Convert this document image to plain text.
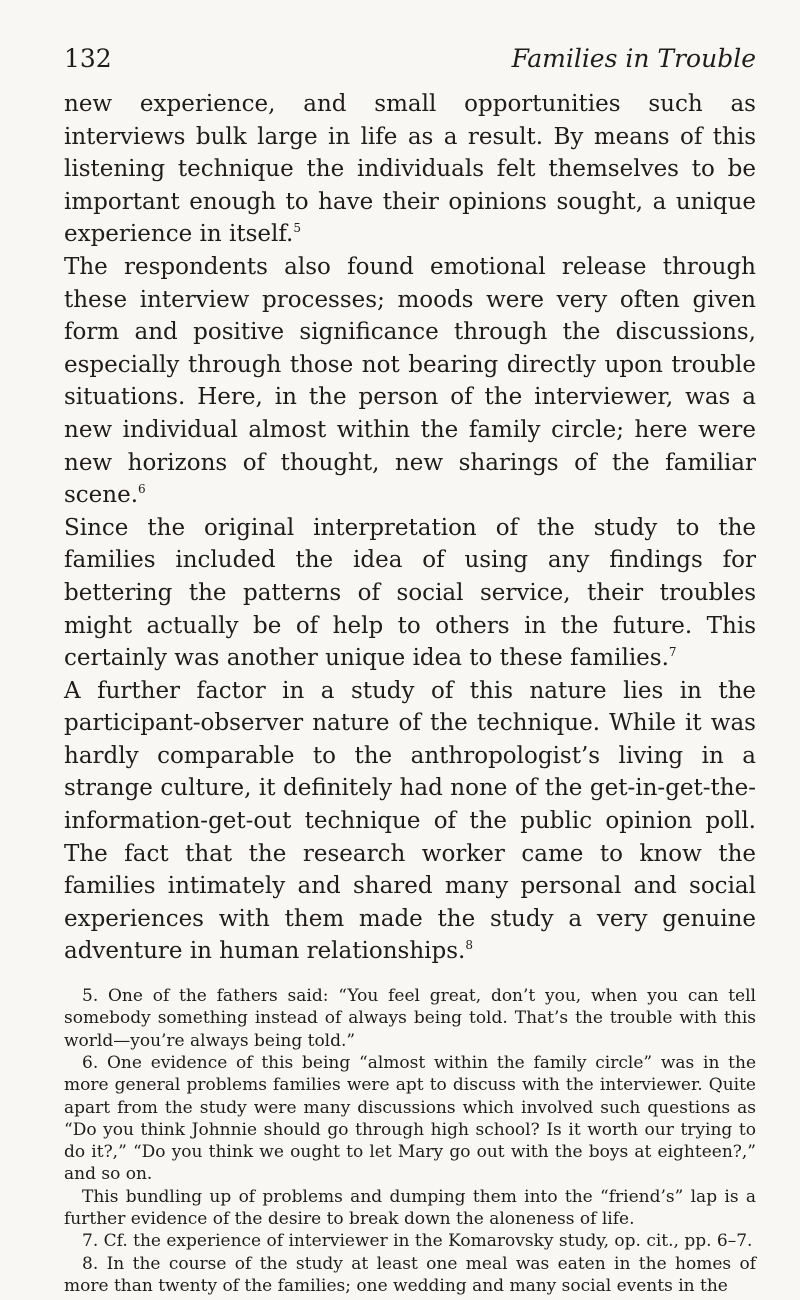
132	Families in Trouble

new experience, and small opportunities such as interviews bulk large in life as a result. By means of this listening technique the individuals felt themselves to be important enough to have their opinions sought, a unique experience in itself.$^5$

The respondents also found emotional release through these interview processes; moods were very often given form and positive significance through the discussions, especially through those not bearing directly upon trouble situations. Here, in the person of the interviewer, was a new individual almost within the family circle; here were new horizons of thought, new sharings of the familiar scene.$^6$

Since the original interpretation of the study to the families included the idea of using any findings for bettering the patterns of social service, their troubles might actually be of help to others in the future. This certainly was another unique idea to these families.$^7$

A further factor in a study of this nature lies in the participant-observer nature of the technique. While it was hardly comparable to the anthropologist’s living in a strange culture, it definitely had none of the get-in-get-the-information-get-out technique of the public opinion poll. The fact that the research worker came to know the families intimately and shared many personal and social experiences with them made the study a very genuine adventure in human relationships.$^8$

5. One of the fathers said: “You feel great, don’t you, when you can tell somebody something instead of always being told. That’s the trouble with this world—you’re always being told.”

6. One evidence of this being “almost within the family circle” was in the more general problems families were apt to discuss with the interviewer. Quite apart from the study were many discussions which involved such questions as “Do you think Johnnie should go through high school? Is it worth our trying to do it?,” “Do you think we ought to let Mary go out with the boys at eighteen?,” and so on.

This bundling up of problems and dumping them into the “friend’s” lap is a further evidence of the desire to break down the aloneness of life.

7. Cf. the experience of interviewer in the Komarovsky study, op. cit., pp. 6–7.

8. In the course of the study at least one meal was eaten in the homes of more than twenty of the families; one wedding and many social events in the
